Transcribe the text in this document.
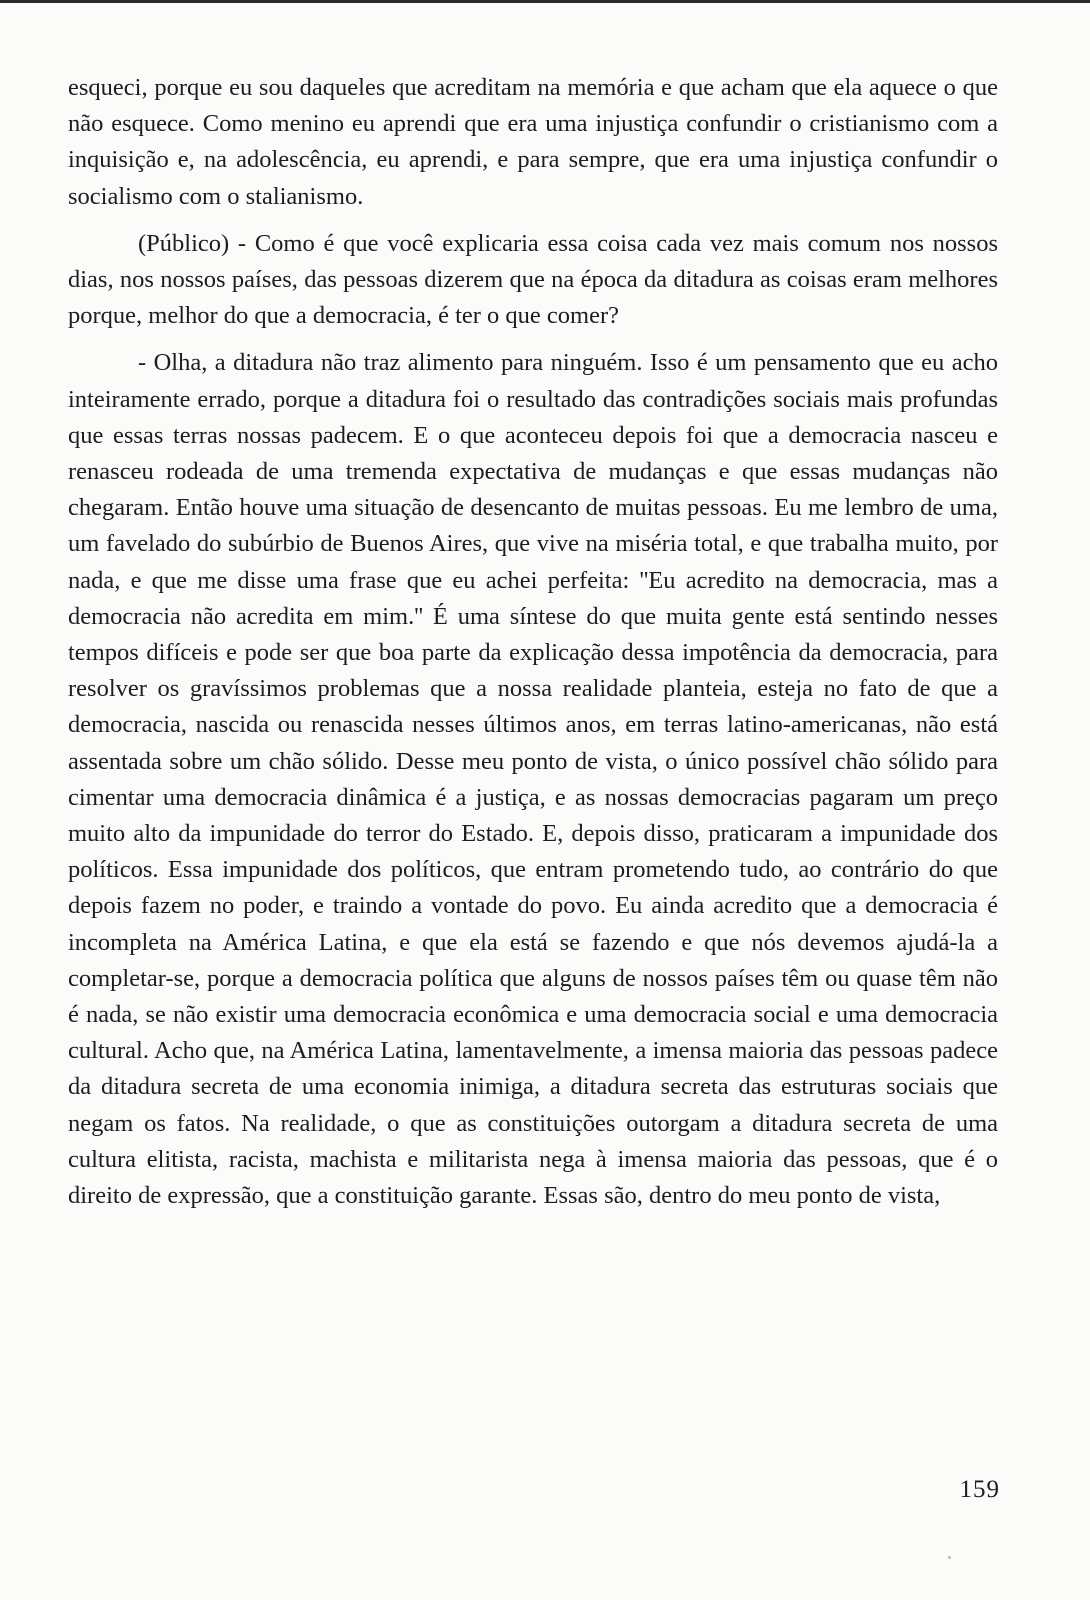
esqueci, porque eu sou daqueles que acreditam na memória e que acham que ela aquece o que não esquece. Como menino eu aprendi que era uma injustiça confundir o cristianismo com a inquisição e, na adolescência, eu aprendi, e para sempre, que era uma injustiça confundir o socialismo com o stalianismo.

(Público) - Como é que você explicaria essa coisa cada vez mais comum nos nossos dias, nos nossos países, das pessoas dizerem que na época da ditadura as coisas eram melhores porque, melhor do que a democracia, é ter o que comer?

- Olha, a ditadura não traz alimento para ninguém. Isso é um pensamento que eu acho inteiramente errado, porque a ditadura foi o resultado das contradições sociais mais profundas que essas terras nossas padecem. E o que aconteceu depois foi que a democracia nasceu e renasceu rodeada de uma tremenda expectativa de mudanças e que essas mudanças não chegaram. Então houve uma situação de desencanto de muitas pessoas. Eu me lembro de uma, um favelado do subúrbio de Buenos Aires, que vive na miséria total, e que trabalha muito, por nada, e que me disse uma frase que eu achei perfeita: ''Eu acredito na democracia, mas a democracia não acredita em mim.'' É uma síntese do que muita gente está sentindo nesses tempos difíceis e pode ser que boa parte da explicação dessa impotência da democracia, para resolver os gravíssimos problemas que a nossa realidade planteia, esteja no fato de que a democracia, nascida ou renascida nesses últimos anos, em terras latino-americanas, não está assentada sobre um chão sólido. Desse meu ponto de vista, o único possível chão sólido para cimentar uma democracia dinâmica é a justiça, e as nossas democracias pagaram um preço muito alto da impunidade do terror do Estado. E, depois disso, praticaram a impunidade dos políticos. Essa impunidade dos políticos, que entram prometendo tudo, ao contrário do que depois fazem no poder, e traindo a vontade do povo. Eu ainda acredito que a democracia é incompleta na América Latina, e que ela está se fazendo e que nós devemos ajudá-la a completar-se, porque a democracia política que alguns de nossos países têm ou quase têm não é nada, se não existir uma democracia econômica e uma democracia social e uma democracia cultural. Acho que, na América Latina, lamentavelmente, a imensa maioria das pessoas padece da ditadura secreta de uma economia inimiga, a ditadura secreta das estruturas sociais que negam os fatos. Na realidade, o que as constituições outorgam a ditadura secreta de uma cultura elitista, racista, machista e militarista nega à imensa maioria das pessoas, que é o direito de expressão, que a constituição garante. Essas são, dentro do meu ponto de vista,

159
